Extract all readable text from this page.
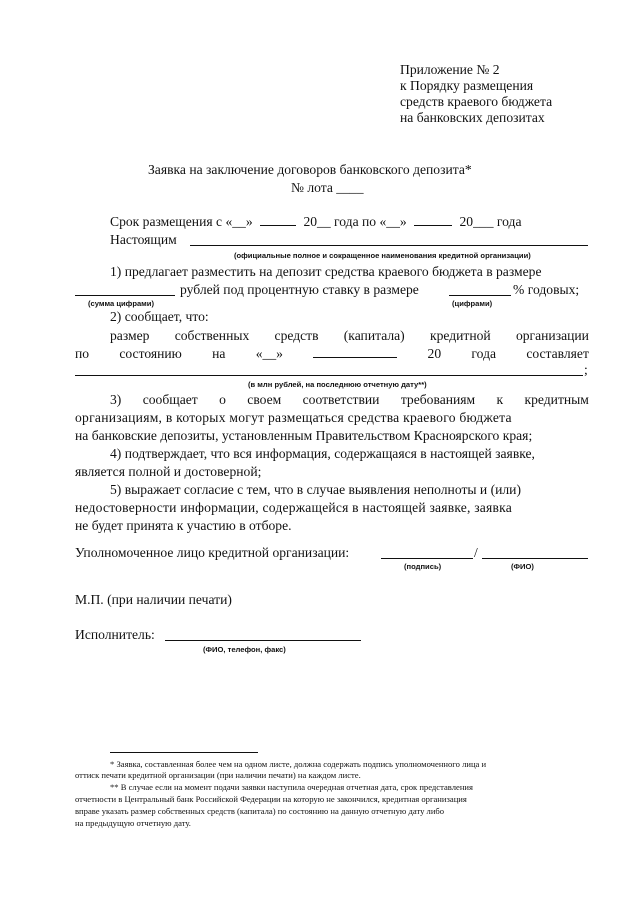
Приложение № 2
к Порядку размещения
средств краевого бюджета
на банковских депозитах
Заявка на заключение договоров банковского депозита*
№ лота ____
Срок размещения с «__»	20__ года по «__»	20___ года
Настоящим
(официальные полное и сокращенное наименования кредитной организации)
1) предлагает разместить на депозит средства краевого бюджета в размере
рублей под процентную ставку в размере	% годовых;
(сумма цифрами)	(цифрами)
2) сообщает, что:
размер собственных средств (капитала) кредитной организации
по состоянию на «__»	20 года составляет
;
(в млн рублей, на последнюю отчетную дату**)
3) сообщает о своем соответствии требованиям к кредитным
организациям, в которых могут размещаться средства краевого бюджета
на банковские депозиты, установленным Правительством Красноярского края;
4) подтверждает, что вся информация, содержащаяся в настоящей заявке,
является полной и достоверной;
5) выражает согласие с тем, что в случае выявления неполноты и (или)
недостоверности информации, содержащейся в настоящей заявке, заявка
не будет принята к участию в отборе.
Уполномоченное лицо кредитной организации:	/
(подпись)	(ФИО)
М.П. (при наличии печати)
Исполнитель:
(ФИО, телефон, факс)
* Заявка, составленная более чем на одном листе, должна содержать подпись уполномоченного лица и
оттиск печати кредитной организации (при наличии печати) на каждом листе.
** В случае если на момент подачи заявки наступила очередная отчетная дата, срок представления
отчетности в Центральный банк Российской Федерации на которую не закончился, кредитная организация
вправе указать размер собственных средств (капитала) по состоянию на данную отчетную дату либо
на предыдущую отчетную дату.
